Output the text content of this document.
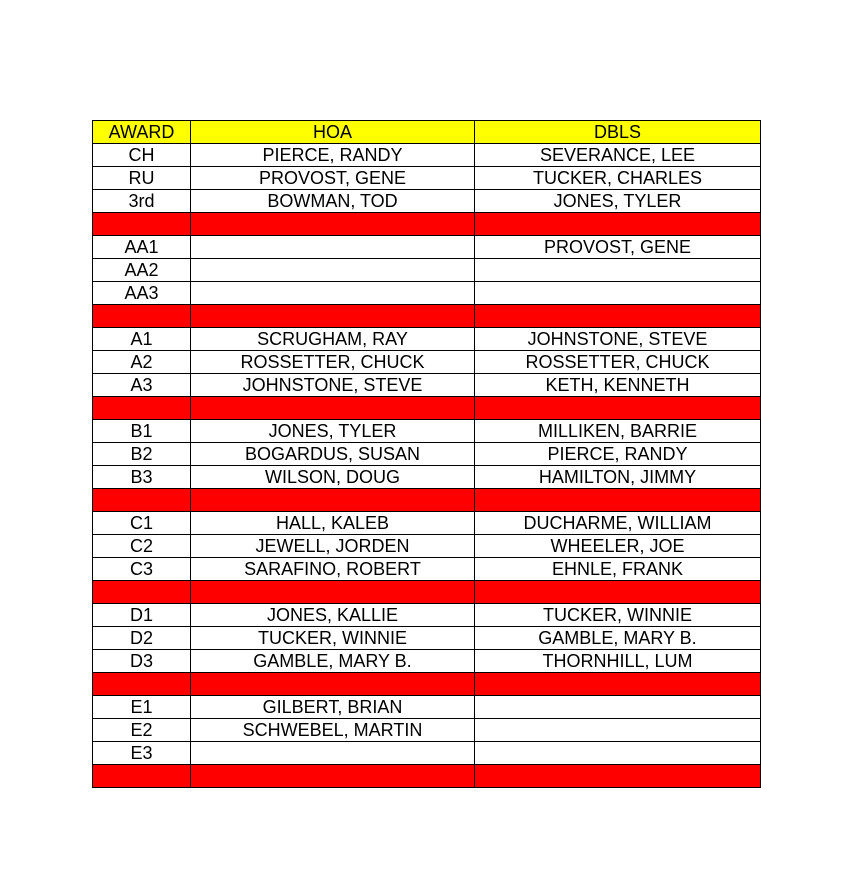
AWARD	HOA	DBLS
CH	PIERCE, RANDY	SEVERANCE, LEE
RU	PROVOST, GENE	TUCKER, CHARLES
3rd	BOWMAN, TOD	JONES, TYLER

AA1		PROVOST, GENE
AA2		
AA3		

A1	SCRUGHAM, RAY	JOHNSTONE, STEVE
A2	ROSSETTER, CHUCK	ROSSETTER, CHUCK
A3	JOHNSTONE, STEVE	KETH, KENNETH

B1	JONES, TYLER	MILLIKEN, BARRIE
B2	BOGARDUS, SUSAN	PIERCE, RANDY
B3	WILSON, DOUG	HAMILTON, JIMMY

C1	HALL, KALEB	DUCHARME, WILLIAM
C2	JEWELL, JORDEN	WHEELER, JOE
C3	SARAFINO, ROBERT	EHNLE, FRANK

D1	JONES, KALLIE	TUCKER, WINNIE
D2	TUCKER, WINNIE	GAMBLE, MARY B.
D3	GAMBLE, MARY B.	THORNHILL, LUM

E1	GILBERT, BRIAN	
E2	SCHWEBEL, MARTIN	
E3		
